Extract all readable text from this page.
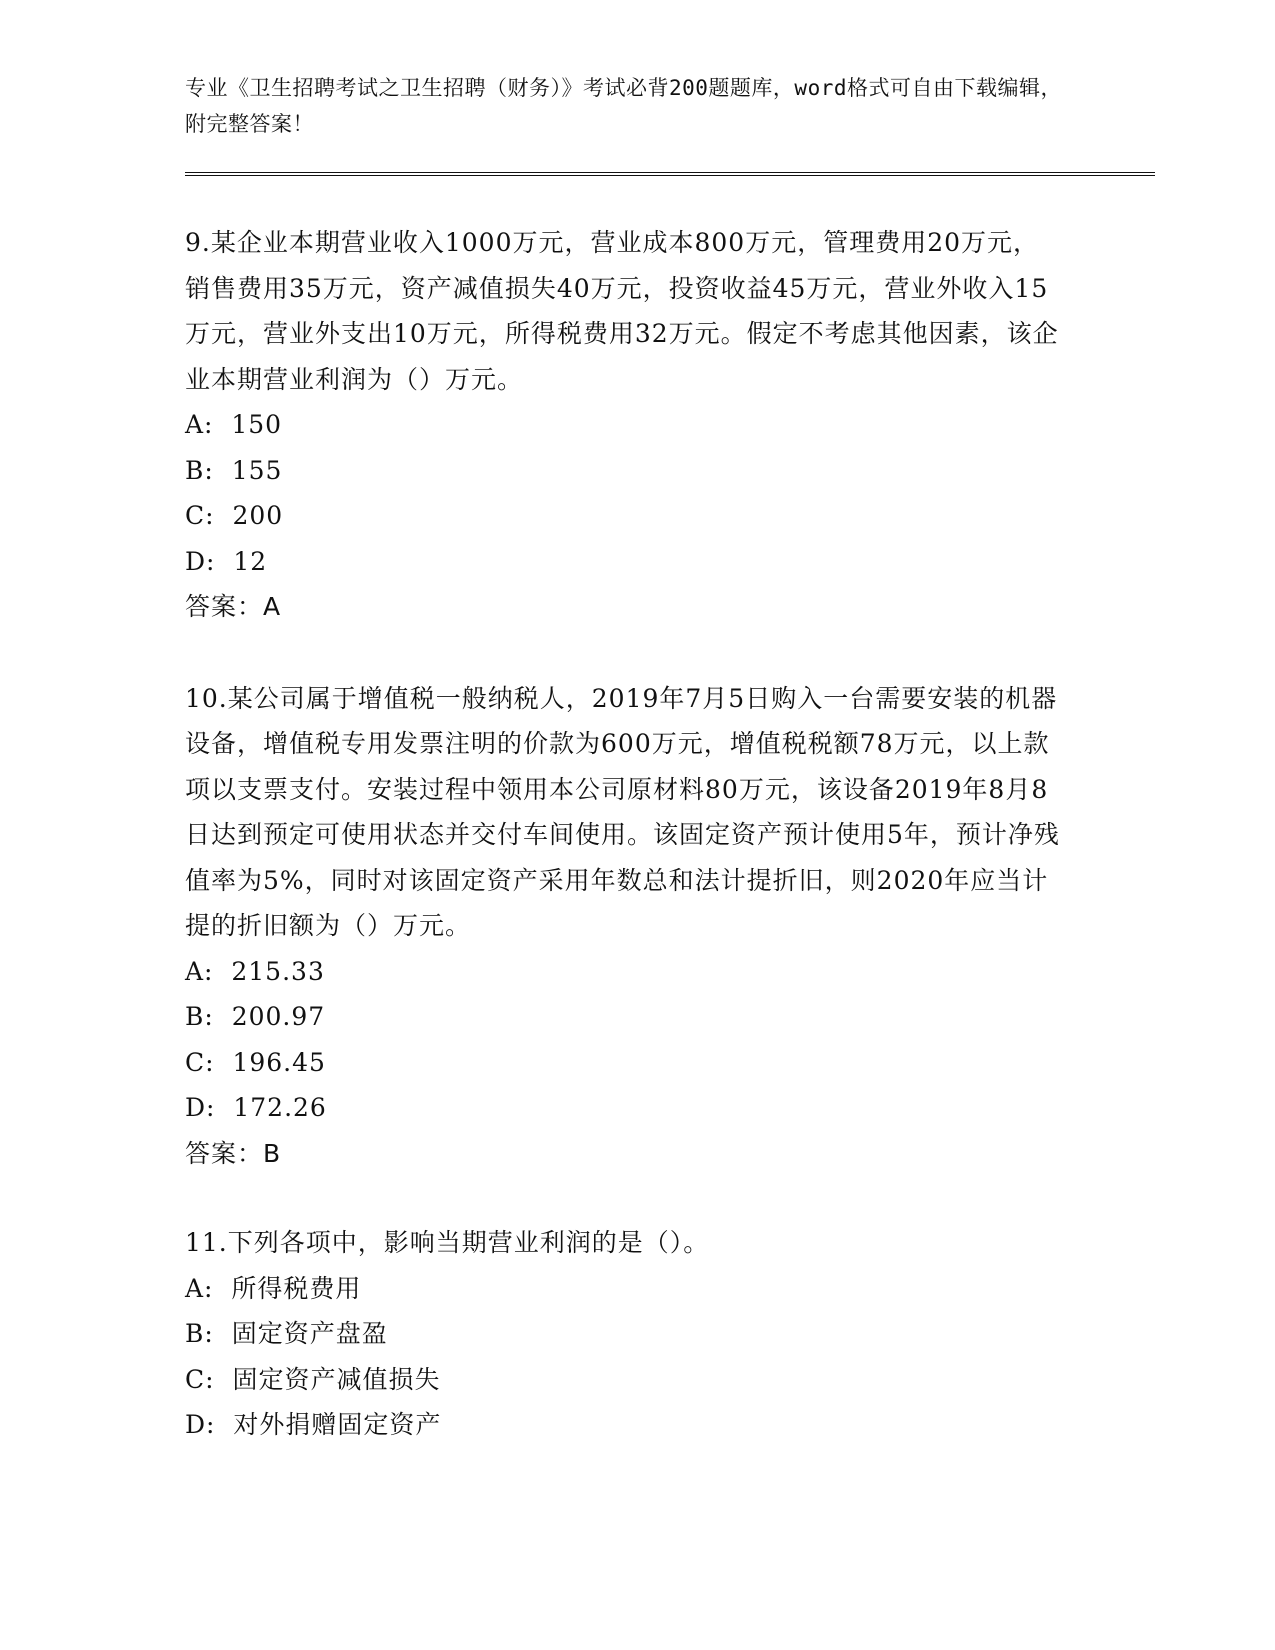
专业《卫生招聘考试之卫生招聘（财务）》考试必背200题题库，word格式可自由下载编辑，附完整答案！
9.某企业本期营业收入1000万元，营业成本800万元，管理费用20万元，销售费用35万元，资产减值损失40万元，投资收益45万元，营业外收入15万元，营业外支出10万元，所得税费用32万元。假定不考虑其他因素，该企业本期营业利润为（）万元。
A:  150
B:  155
C:  200
D:  12
答案：A
10.某公司属于增值税一般纳税人，2019年7月5日购入一台需要安装的机器设备，增值税专用发票注明的价款为600万元，增值税税额78万元，以上款项以支票支付。安装过程中领用本公司原材料80万元，该设备2019年8月8日达到预定可使用状态并交付车间使用。该固定资产预计使用5年，预计净残值率为5%，同时对该固定资产采用年数总和法计提折旧，则2020年应当计提的折旧额为（）万元。
A:  215.33
B:  200.97
C:  196.45
D:  172.26
答案：B
11.下列各项中，影响当期营业利润的是（）。
A:  所得税费用
B:  固定资产盘盈
C:  固定资产减值损失
D:  对外捐赠固定资产
